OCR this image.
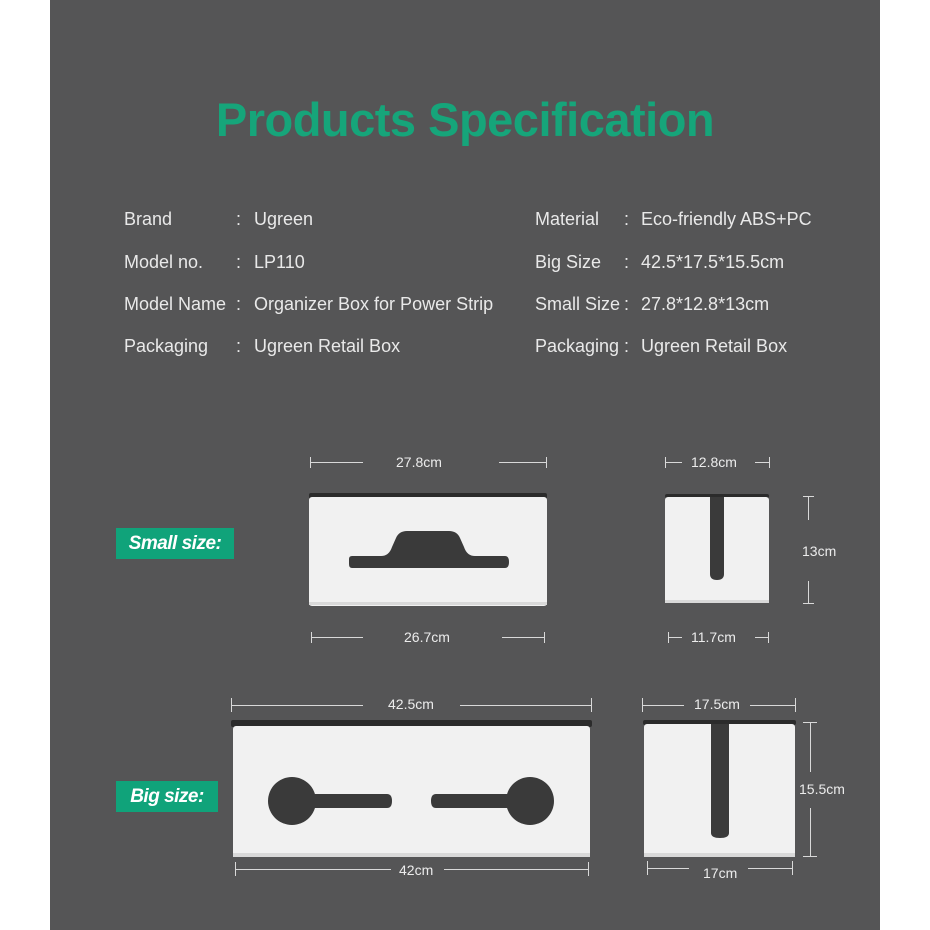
Products Specification
Brand	: Ugreen
Model no. : LP110
Model Name : Organizer Box for Power Strip
Packaging : Ugreen Retail Box
Material : Eco-friendly ABS+PC
Big Size : 42.5*17.5*15.5cm
Small Size : 27.8*12.8*13cm
Packaging : Ugreen Retail Box
Small size:
27.8cm
26.7cm
12.8cm
13cm
11.7cm
Big size:
42.5cm
42cm
17.5cm
15.5cm
17cm
